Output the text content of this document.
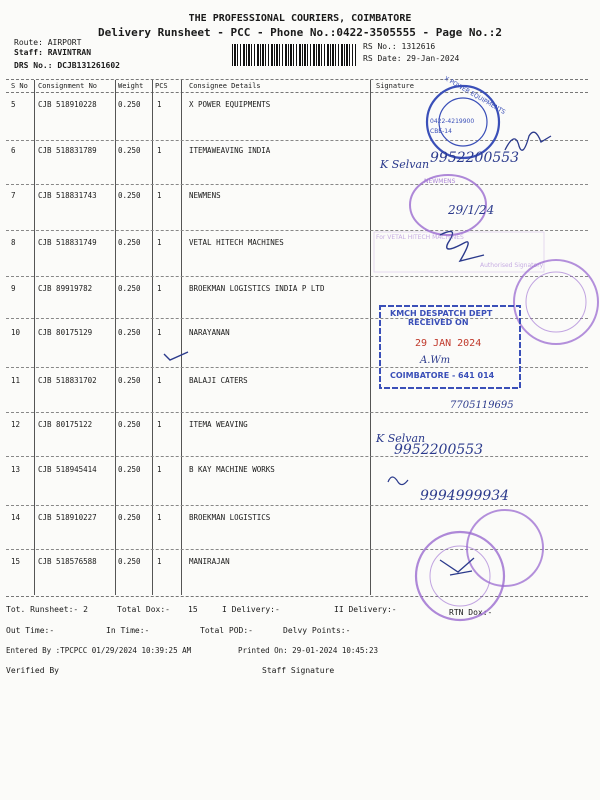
THE PROFESSIONAL COURIERS, COIMBATORE
Delivery Runsheet - PCC - Phone No.:0422-3505555 - Page No.:2
Route: AIRPORT
Staff: RAVINTRAN
DRS No.: DCJB131261602
RS No.: 1312616
RS Date: 29-Jan-2024
S No Consignment No	Weight PCS	Consignee Details	Signature
5	CJB 518910228	0.250 1	X POWER EQUIPMENTS
6	CJB 518831789	0.250 1	ITEMAWEAVING INDIA
7	CJB 518831743	0.250 1	NEWMENS
8	CJB 518831749	0.250 1	VETAL HITECH MACHINES
9	CJB 89919782	0.250 1	BROEKMAN LOGISTICS INDIA P LTD
10 CJB 80175129	0.250 1	NARAYANAN
11 CJB 518831702	0.250 1	BALAJI CATERS
12 CJB 80175122	0.250 1	ITEMA WEAVING
13 CJB 518945414	0.250 1	B KAY MACHINE WORKS
14 CJB 518910227	0.250 1	BROEKMAN LOGISTICS
15 CJB 518576588	0.250 1	MANIRAJAN
Tot. Runsheet:- 2	Total Dox:- 15	I Delivery:-	II Delivery:-	RTN Dox:-
Out Time:-	In Time:-	Total POD:-	Delvy Points:-
Entered By :TPCPCC 01/29/2024 10:39:25 AM	Printed On: 29-01-2024 10:45:23
Verified By	Staff Signature
X POWER EQUIPMENTS
0422-4219900
CBE-14
NEWMENS
For VETAL HITECH MACHINES
Authorised Signatory
KMCH DESPATCH DEPT
RECEIVED ON
29 JAN 2024
COIMBATORE - 641 014
K Selvan 9952200553
29/1/24
A.Wm
7705119695
K Selvan
9952200553
9994999934
